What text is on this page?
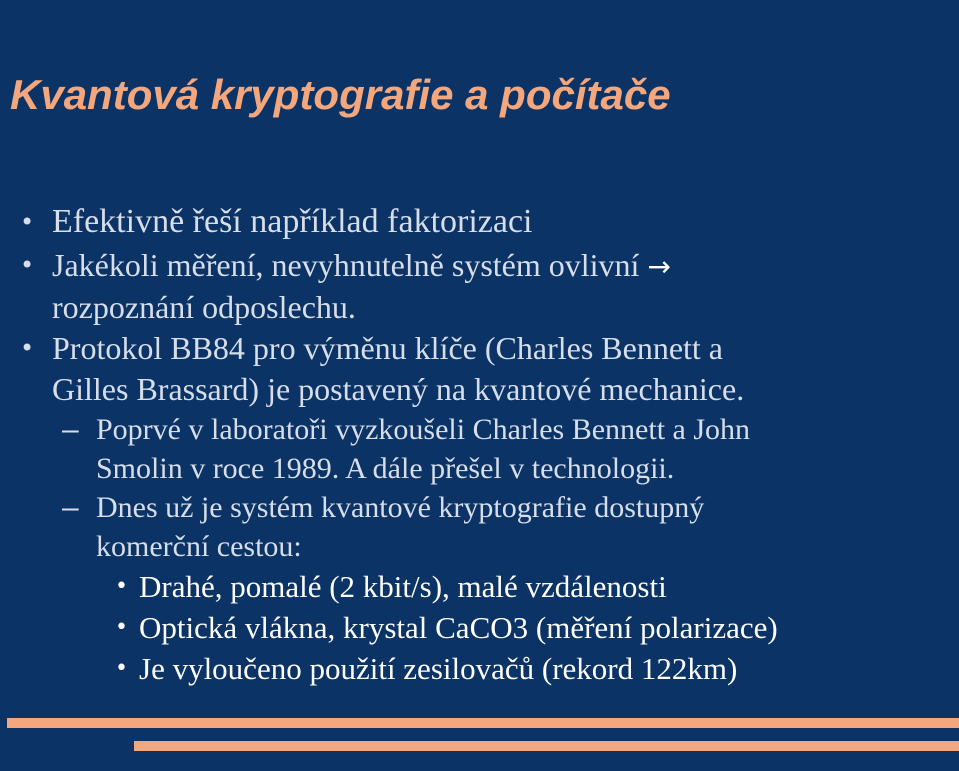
Kvantová kryptografie a počítače
• Efektivně řeší například faktorizaci
• Jakékoli měření, nevyhnutelně systém ovlivní →
rozpoznání odposlechu.
• Protokol BB84 pro výměnu klíče (Charles Bennett a
Gilles Brassard) je postavený na kvantové mechanice.
– Poprvé v laboratoři vyzkoušeli Charles Bennett a John
Smolin v roce 1989. A dále přešel v technologii.
– Dnes už je systém kvantové kryptografie dostupný
komerční cestou:
• Drahé, pomalé (2 kbit/s), malé vzdálenosti
• Optická vlákna, krystal CaCO3 (měření polarizace)
• Je vyloučeno použití zesilovačů (rekord 122km)
